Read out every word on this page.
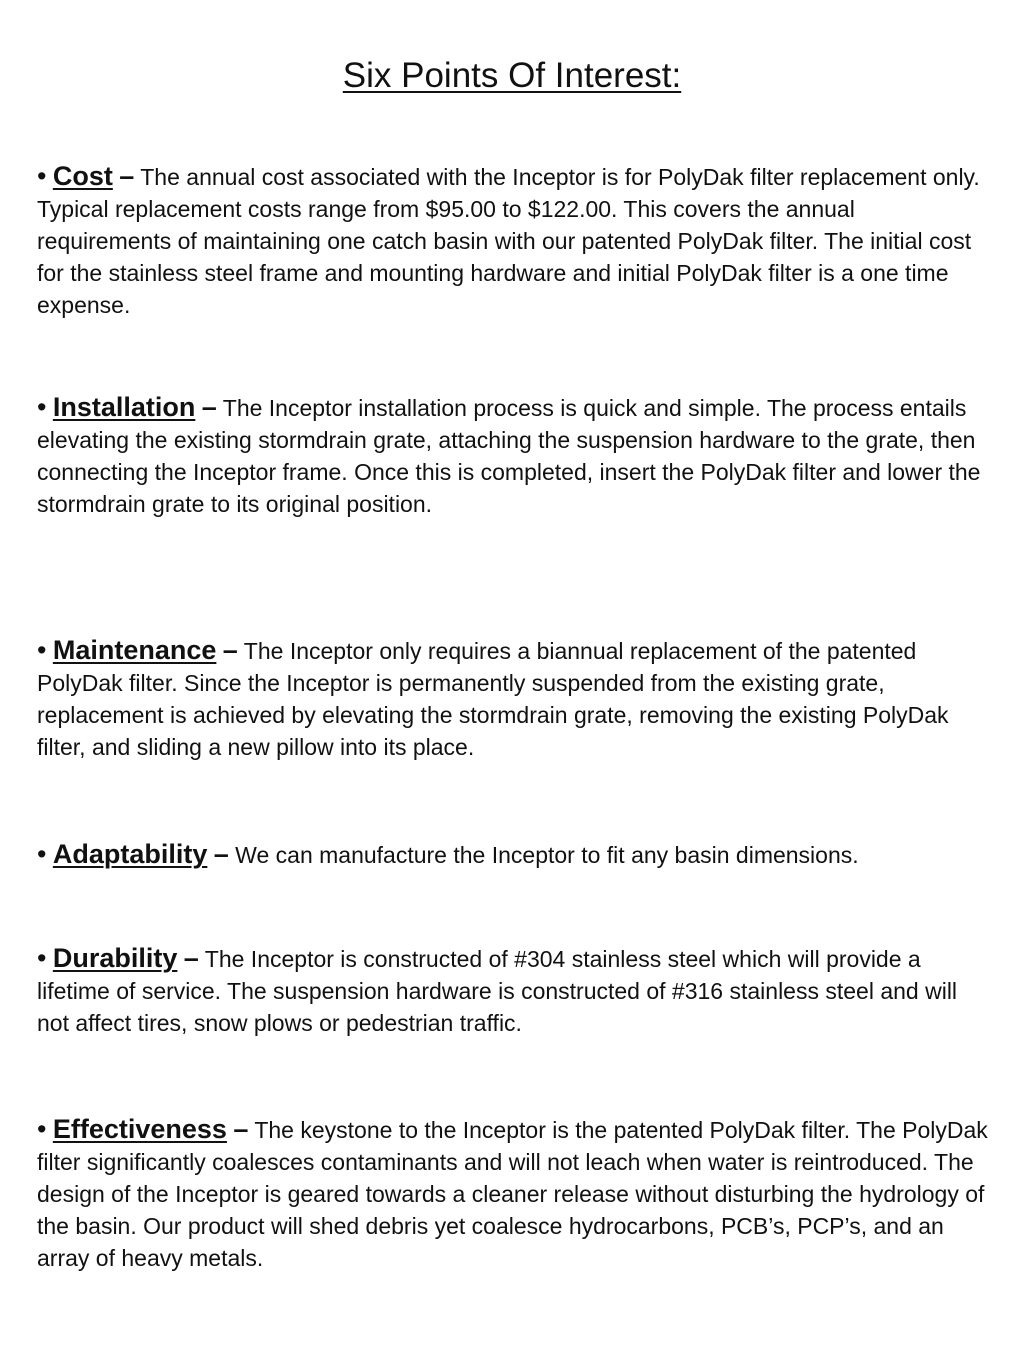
Six Points Of Interest:

• Cost – The annual cost associated with the Inceptor is for PolyDak filter replacement only. Typical replacement costs range from $95.00 to $122.00. This covers the annual requirements of maintaining one catch basin with our patented PolyDak filter. The initial cost for the stainless steel frame and mounting hardware and initial PolyDak filter is a one time expense.

• Installation – The Inceptor installation process is quick and simple. The process entails elevating the existing stormdrain grate, attaching the suspension hardware to the grate, then connecting the Inceptor frame. Once this is completed, insert the PolyDak filter and lower the stormdrain grate to its original position.

• Maintenance – The Inceptor only requires a biannual replacement of the patented PolyDak filter. Since the Inceptor is permanently suspended from the existing grate, replacement is achieved by elevating the stormdrain grate, removing the existing PolyDak filter, and sliding a new pillow into its place.

• Adaptability – We can manufacture the Inceptor to fit any basin dimensions.

• Durability – The Inceptor is constructed of #304 stainless steel which will provide a lifetime of service. The suspension hardware is constructed of #316 stainless steel and will not affect tires, snow plows or pedestrian traffic.

• Effectiveness – The keystone to the Inceptor is the patented PolyDak filter. The PolyDak filter significantly coalesces contaminants and will not leach when water is reintroduced. The design of the Inceptor is geared towards a cleaner release without disturbing the hydrology of the basin. Our product will shed debris yet coalesce hydrocarbons, PCB’s, PCP’s, and an array of heavy metals.
